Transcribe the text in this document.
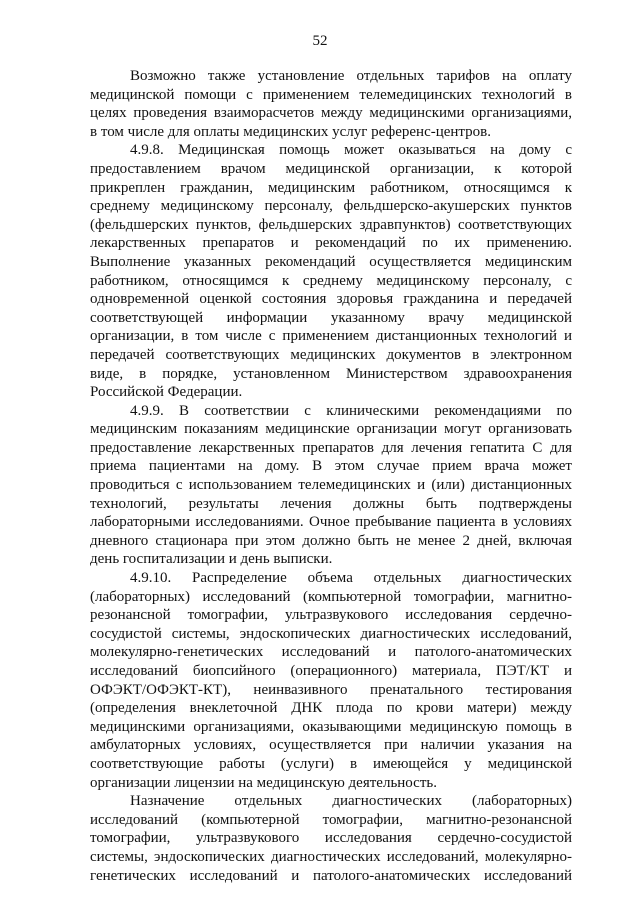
52
Возможно также установление отдельных тарифов на оплату
медицинской помощи с применением телемедицинских технологий в
целях проведения взаиморасчетов между медицинскими организациями,
в том числе для оплаты медицинских услуг референс-центров.
4.9.8. Медицинская помощь может оказываться на дому с
предоставлением врачом медицинской организации, к которой
прикреплен гражданин, медицинским работником, относящимся к
среднему медицинскому персоналу, фельдшерско-акушерских пунктов
(фельдшерских пунктов, фельдшерских здравпунктов) соответствующих
лекарственных препаратов и рекомендаций по их применению.
Выполнение указанных рекомендаций осуществляется медицинским
работником, относящимся к среднему медицинскому персоналу, с
одновременной оценкой состояния здоровья гражданина и передачей
соответствующей информации указанному врачу медицинской
организации, в том числе с применением дистанционных технологий и
передачей соответствующих медицинских документов в электронном
виде, в порядке, установленном Министерством здравоохранения
Российской Федерации.
4.9.9. В соответствии с клиническими рекомендациями по
медицинским показаниям медицинские организации могут организовать
предоставление лекарственных препаратов для лечения гепатита С для
приема пациентами на дому. В этом случае прием врача может
проводиться с использованием телемедицинских и (или) дистанционных
технологий, результаты лечения должны быть подтверждены
лабораторными исследованиями. Очное пребывание пациента в условиях
дневного стационара при этом должно быть не менее 2 дней, включая
день госпитализации и день выписки.
4.9.10. Распределение объема отдельных диагностических
(лабораторных) исследований (компьютерной томографии, магнитно-
резонансной томографии, ультразвукового исследования сердечно-
сосудистой системы, эндоскопических диагностических исследований,
молекулярно-генетических исследований и патолого-анатомических
исследований биопсийного (операционного) материала, ПЭТ/КТ и
ОФЭКТ/ОФЭКТ-КТ), неинвазивного пренатального тестирования
(определения внеклеточной ДНК плода по крови матери) между
медицинскими организациями, оказывающими медицинскую помощь в
амбулаторных условиях, осуществляется при наличии указания на
соответствующие работы (услуги) в имеющейся у медицинской
организации лицензии на медицинскую деятельность.
Назначение отдельных диагностических (лабораторных)
исследований (компьютерной томографии, магнитно-резонансной
томографии, ультразвукового исследования сердечно-сосудистой
системы, эндоскопических диагностических исследований, молекулярно-
генетических исследований и патолого-анатомических исследований
